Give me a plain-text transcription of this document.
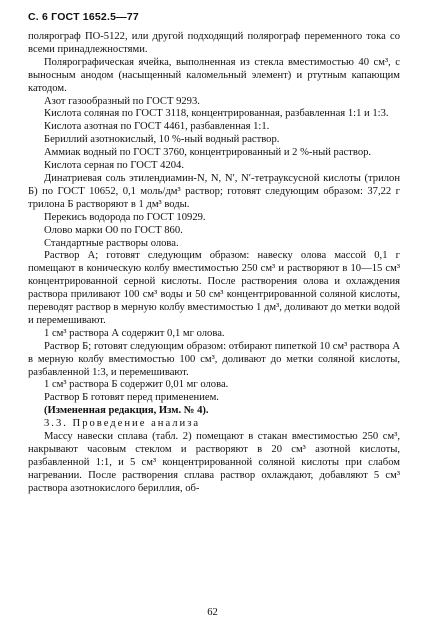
С. 6 ГОСТ 1652.5—77

полярограф ПО-5122, или другой подходящий полярограф переменного тока со всеми принадлежностями.

Полярографическая ячейка, выполненная из стекла вместимостью 40 см³, с выносным анодом (насыщенный каломельный элемент) и ртутным капающим катодом.

Азот газообразный по ГОСТ 9293.

Кислота соляная по ГОСТ 3118, концентрированная, разбавленная 1:1 и 1:3.

Кислота азотная по ГОСТ 4461, разбавленная 1:1.

Бериллий азотнокислый, 10 %-ный водный раствор.

Аммиак водный по ГОСТ 3760, концентрированный и 2 %-ный раствор.

Кислота серная по ГОСТ 4204.

Динатриевая соль этилендиамин-N, N, N′, N′-тетрауксусной кислоты (трилон Б) по ГОСТ 10652, 0,1 моль/дм³ раствор; готовят следующим образом: 37,22 г трилона Б растворяют в 1 дм³ воды.

Перекись водорода по ГОСТ 10929.

Олово марки О0 по ГОСТ 860.

Стандартные растворы олова.

Раствор А; готовят следующим образом: навеску олова массой 0,1 г помещают в коническую колбу вместимостью 250 см³ и растворяют в 10—15 см³ концентрированной серной кислоты. После растворения олова и охлаждения раствора приливают 100 см³ воды и 50 см³ концентрированной соляной кислоты, переводят раствор в мерную колбу вместимостью 1 дм³, доливают до метки водой и перемешивают.

1 см³ раствора А содержит 0,1 мг олова.

Раствор Б; готовят следующим образом: отбирают пипеткой 10 см³ раствора А в мерную колбу вместимостью 100 см³, доливают до метки соляной кислоты, разбавленной 1:3, и перемешивают.

1 см³ раствора Б содержит 0,01 мг олова.

Раствор Б готовят перед применением.

(Измененная редакция, Изм. № 4).

3.3. Проведение анализа

Массу навески сплава (табл. 2) помещают в стакан вместимостью 250 см³, накрывают часовым стеклом и растворяют в 20 см³ азотной кислоты, разбавленной 1:1, и 5 см³ концентрированной соляной кислоты при слабом нагревании. После растворения сплава раствор охлаждают, добавляют 5 см³ раствора азотнокислого бериллия, об-

62
